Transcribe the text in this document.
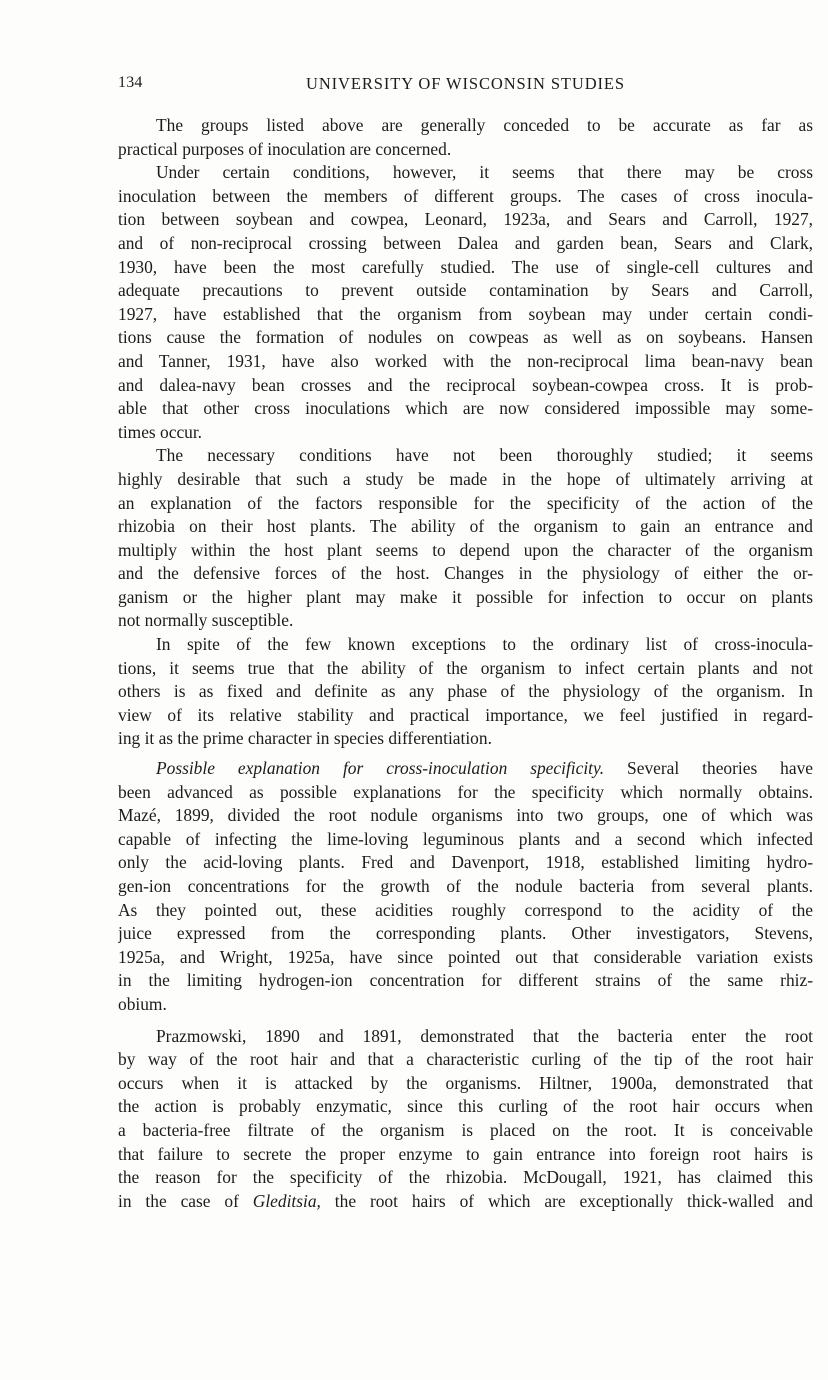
134	UNIVERSITY OF WISCONSIN STUDIES
The groups listed above are generally conceded to be accurate as far as
practical purposes of inoculation are concerned.
Under certain conditions, however, it seems that there may be cross
inoculation between the members of different groups. The cases of cross inocula-
tion between soybean and cowpea, Leonard, 1923a, and Sears and Carroll, 1927,
and of non-reciprocal crossing between Dalea and garden bean, Sears and Clark,
1930, have been the most carefully studied. The use of single-cell cultures and
adequate precautions to prevent outside contamination by Sears and Carroll,
1927, have established that the organism from soybean may under certain condi-
tions cause the formation of nodules on cowpeas as well as on soybeans. Hansen
and Tanner, 1931, have also worked with the non-reciprocal lima bean-navy bean
and dalea-navy bean crosses and the reciprocal soybean-cowpea cross. It is prob-
able that other cross inoculations which are now considered impossible may some-
times occur.
The necessary conditions have not been thoroughly studied; it seems
highly desirable that such a study be made in the hope of ultimately arriving at
an explanation of the factors responsible for the specificity of the action of the
rhizobia on their host plants. The ability of the organism to gain an entrance and
multiply within the host plant seems to depend upon the character of the organism
and the defensive forces of the host. Changes in the physiology of either the or-
ganism or the higher plant may make it possible for infection to occur on plants
not normally susceptible.
In spite of the few known exceptions to the ordinary list of cross-inocula-
tions, it seems true that the ability of the organism to infect certain plants and not
others is as fixed and definite as any phase of the physiology of the organism. In
view of its relative stability and practical importance, we feel justified in regard-
ing it as the prime character in species differentiation.
Possible explanation for cross-inoculation specificity. Several theories have
been advanced as possible explanations for the specificity which normally obtains.
Mazé, 1899, divided the root nodule organisms into two groups, one of which was
capable of infecting the lime-loving leguminous plants and a second which infected
only the acid-loving plants. Fred and Davenport, 1918, established limiting hydro-
gen-ion concentrations for the growth of the nodule bacteria from several plants.
As they pointed out, these acidities roughly correspond to the acidity of the
juice expressed from the corresponding plants. Other investigators, Stevens,
1925a, and Wright, 1925a, have since pointed out that considerable variation exists
in the limiting hydrogen-ion concentration for different strains of the same rhiz-
obium.
Prazmowski, 1890 and 1891, demonstrated that the bacteria enter the root
by way of the root hair and that a characteristic curling of the tip of the root hair
occurs when it is attacked by the organisms. Hiltner, 1900a, demonstrated that
the action is probably enzymatic, since this curling of the root hair occurs when
a bacteria-free filtrate of the organism is placed on the root. It is conceivable
that failure to secrete the proper enzyme to gain entrance into foreign root hairs is
the reason for the specificity of the rhizobia. McDougall, 1921, has claimed this
in the case of Gleditsia, the root hairs of which are exceptionally thick-walled and
